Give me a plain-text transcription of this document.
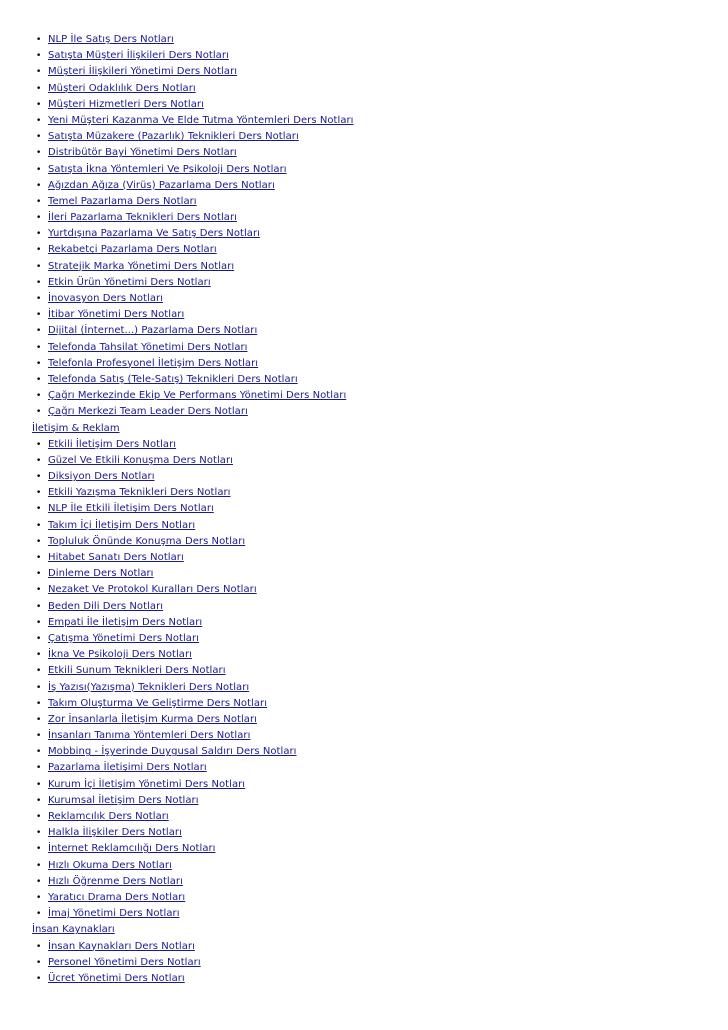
• NLP İle Satış Ders Notları
• Satışta Müşteri İlişkileri Ders Notları
• Müşteri İlişkileri Yönetimi Ders Notları
• Müşteri Odaklılık Ders Notları
• Müşteri Hizmetleri Ders Notları
• Yeni Müşteri Kazanma Ve Elde Tutma Yöntemleri Ders Notları
• Satışta Müzakere (Pazarlık) Teknikleri Ders Notları
• Distribütör Bayi Yönetimi Ders Notları
• Satışta İkna Yöntemleri Ve Psikoloji Ders Notları
• Ağızdan Ağıza (Virüs) Pazarlama Ders Notları
• Temel Pazarlama Ders Notları
• İleri Pazarlama Teknikleri Ders Notları
• Yurtdışına Pazarlama Ve Satış Ders Notları
• Rekabetçi Pazarlama Ders Notları
• Stratejik Marka Yönetimi Ders Notları
• Etkin Ürün Yönetimi Ders Notları
• İnovasyon Ders Notları
• İtibar Yönetimi Ders Notları
• Dijital (İnternet...) Pazarlama Ders Notları
• Telefonda Tahsilat Yönetimi Ders Notları
• Telefonla Profesyonel İletişim Ders Notları
• Telefonda Satış (Tele-Satış) Teknikleri Ders Notları
• Çağrı Merkezinde Ekip Ve Performans Yönetimi Ders Notları
• Çağrı Merkezi Team Leader Ders Notları
İletişim & Reklam
• Etkili İletişim Ders Notları
• Güzel Ve Etkili Konuşma Ders Notları
• Diksiyon Ders Notları
• Etkili Yazışma Teknikleri Ders Notları
• NLP İle Etkili İletişim Ders Notları
• Takım İçi İletişim Ders Notları
• Topluluk Önünde Konuşma Ders Notları
• Hitabet Sanatı Ders Notları
• Dinleme Ders Notları
• Nezaket Ve Protokol Kuralları Ders Notları
• Beden Dili Ders Notları
• Empati İle İletişim Ders Notları
• Çatışma Yönetimi Ders Notları
• İkna Ve Psikoloji Ders Notları
• Etkili Sunum Teknikleri Ders Notları
• İş Yazısı(Yazışma) Teknikleri Ders Notları
• Takım Oluşturma Ve Geliştirme Ders Notları
• Zor İnsanlarla İletişim Kurma Ders Notları
• İnsanları Tanıma Yöntemleri Ders Notları
• Mobbing - İşyerinde Duygusal Saldırı Ders Notları
• Pazarlama İletişimi Ders Notları
• Kurum İçi İletişim Yönetimi Ders Notları
• Kurumsal İletişim Ders Notları
• Reklamcılık Ders Notları
• Halkla İlişkiler Ders Notları
• İnternet Reklamcılığı Ders Notları
• Hızlı Okuma Ders Notları
• Hızlı Öğrenme Ders Notları
• Yaratıcı Drama Ders Notları
• İmaj Yönetimi Ders Notları
İnsan Kaynakları
• İnsan Kaynakları Ders Notları
• Personel Yönetimi Ders Notları
• Ücret Yönetimi Ders Notları
